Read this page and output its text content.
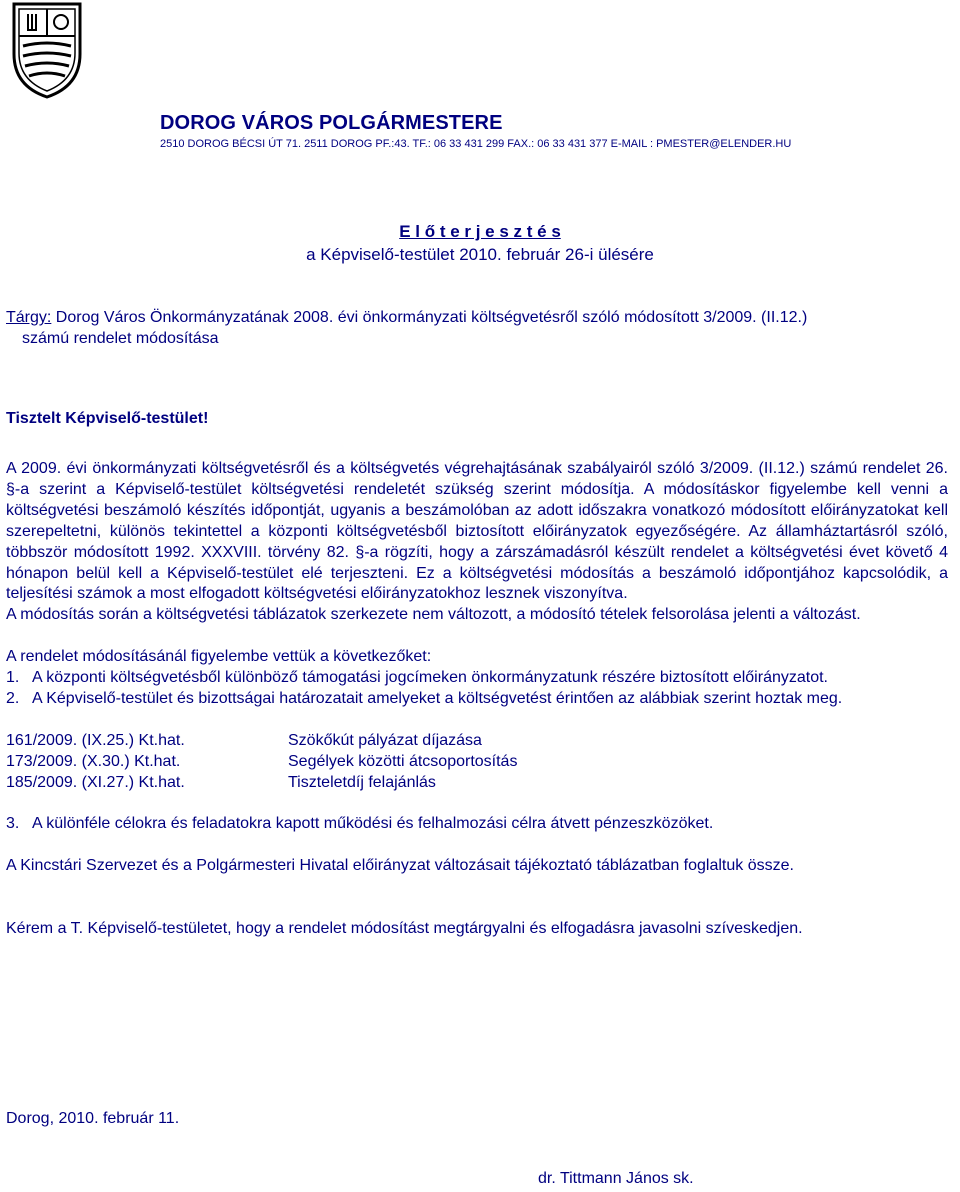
DOROG VÁROS POLGÁRMESTERE
2510 DOROG BÉCSI ÚT 71. 2511 DOROG PF.:43. TF.: 06 33 431 299 FAX.: 06 33 431 377 E-MAIL : PMESTER@ELENDER.HU
E l ő t e r j e s z t é s
a Képviselő-testület 2010. február 26-i ülésére
Tárgy: Dorog Város Önkormányzatának 2008. évi önkormányzati költségvetésről szóló módosított 3/2009. (II.12.)
számú rendelet módosítása
Tisztelt Képviselő-testület!

A 2009. évi önkormányzati költségvetésről és a költségvetés végrehajtásának szabályairól szóló 3/2009. (II.12.) számú rendelet 26. §-a szerint a Képviselő-testület költségvetési rendeletét szükség szerint módosítja. A módosításkor figyelembe kell venni a költségvetési beszámoló készítés időpontját, ugyanis a beszámolóban az adott időszakra vonatkozó módosított előirányzatokat kell szerepeltetni, különös tekintettel a központi költségvetésből biztosított előirányzatok egyezőségére. Az államháztartásról szóló, többször módosított 1992. XXXVIII. törvény 82. §-a rögzíti, hogy a zárszámadásról készült rendelet a költségvetési évet követő 4 hónapon belül kell a Képviselő-testület elé terjeszteni. Ez a költségvetési módosítás a beszámoló időpontjához kapcsolódik, a teljesítési számok a most elfogadott költségvetési előirányzatokhoz lesznek viszonyítva.

A módosítás során a költségvetési táblázatok szerkezete nem változott, a módosító tételek felsorolása jelenti a változást.

A rendelet módosításánál figyelembe vettük a következőket:

1. A központi költségvetésből különböző támogatási jogcímeken önkormányzatunk részére biztosított előirányzatot.
2. A Képviselő-testület és bizottságai határozatait amelyeket a költségvetést érintően az alábbiak szerint hoztak meg.
161/2009. (IX.25.) Kt.hat.	Szökőkút pályázat díjazása
173/2009. (X.30.) Kt.hat.	Segélyek közötti átcsoportosítás
185/2009. (XI.27.) Kt.hat.	Tiszteletdíj felajánlás
3. A különféle célokra és feladatokra kapott működési és felhalmozási célra átvett pénzeszközöket.

A Kincstári Szervezet és a Polgármesteri Hivatal előirányzat változásait tájékoztató táblázatban foglaltuk össze.

Kérem a T. Képviselő-testületet, hogy a rendelet módosítást megtárgyalni és elfogadásra javasolni szíveskedjen.

Dorog, 2010. február 11.
dr. Tittmann János sk.
